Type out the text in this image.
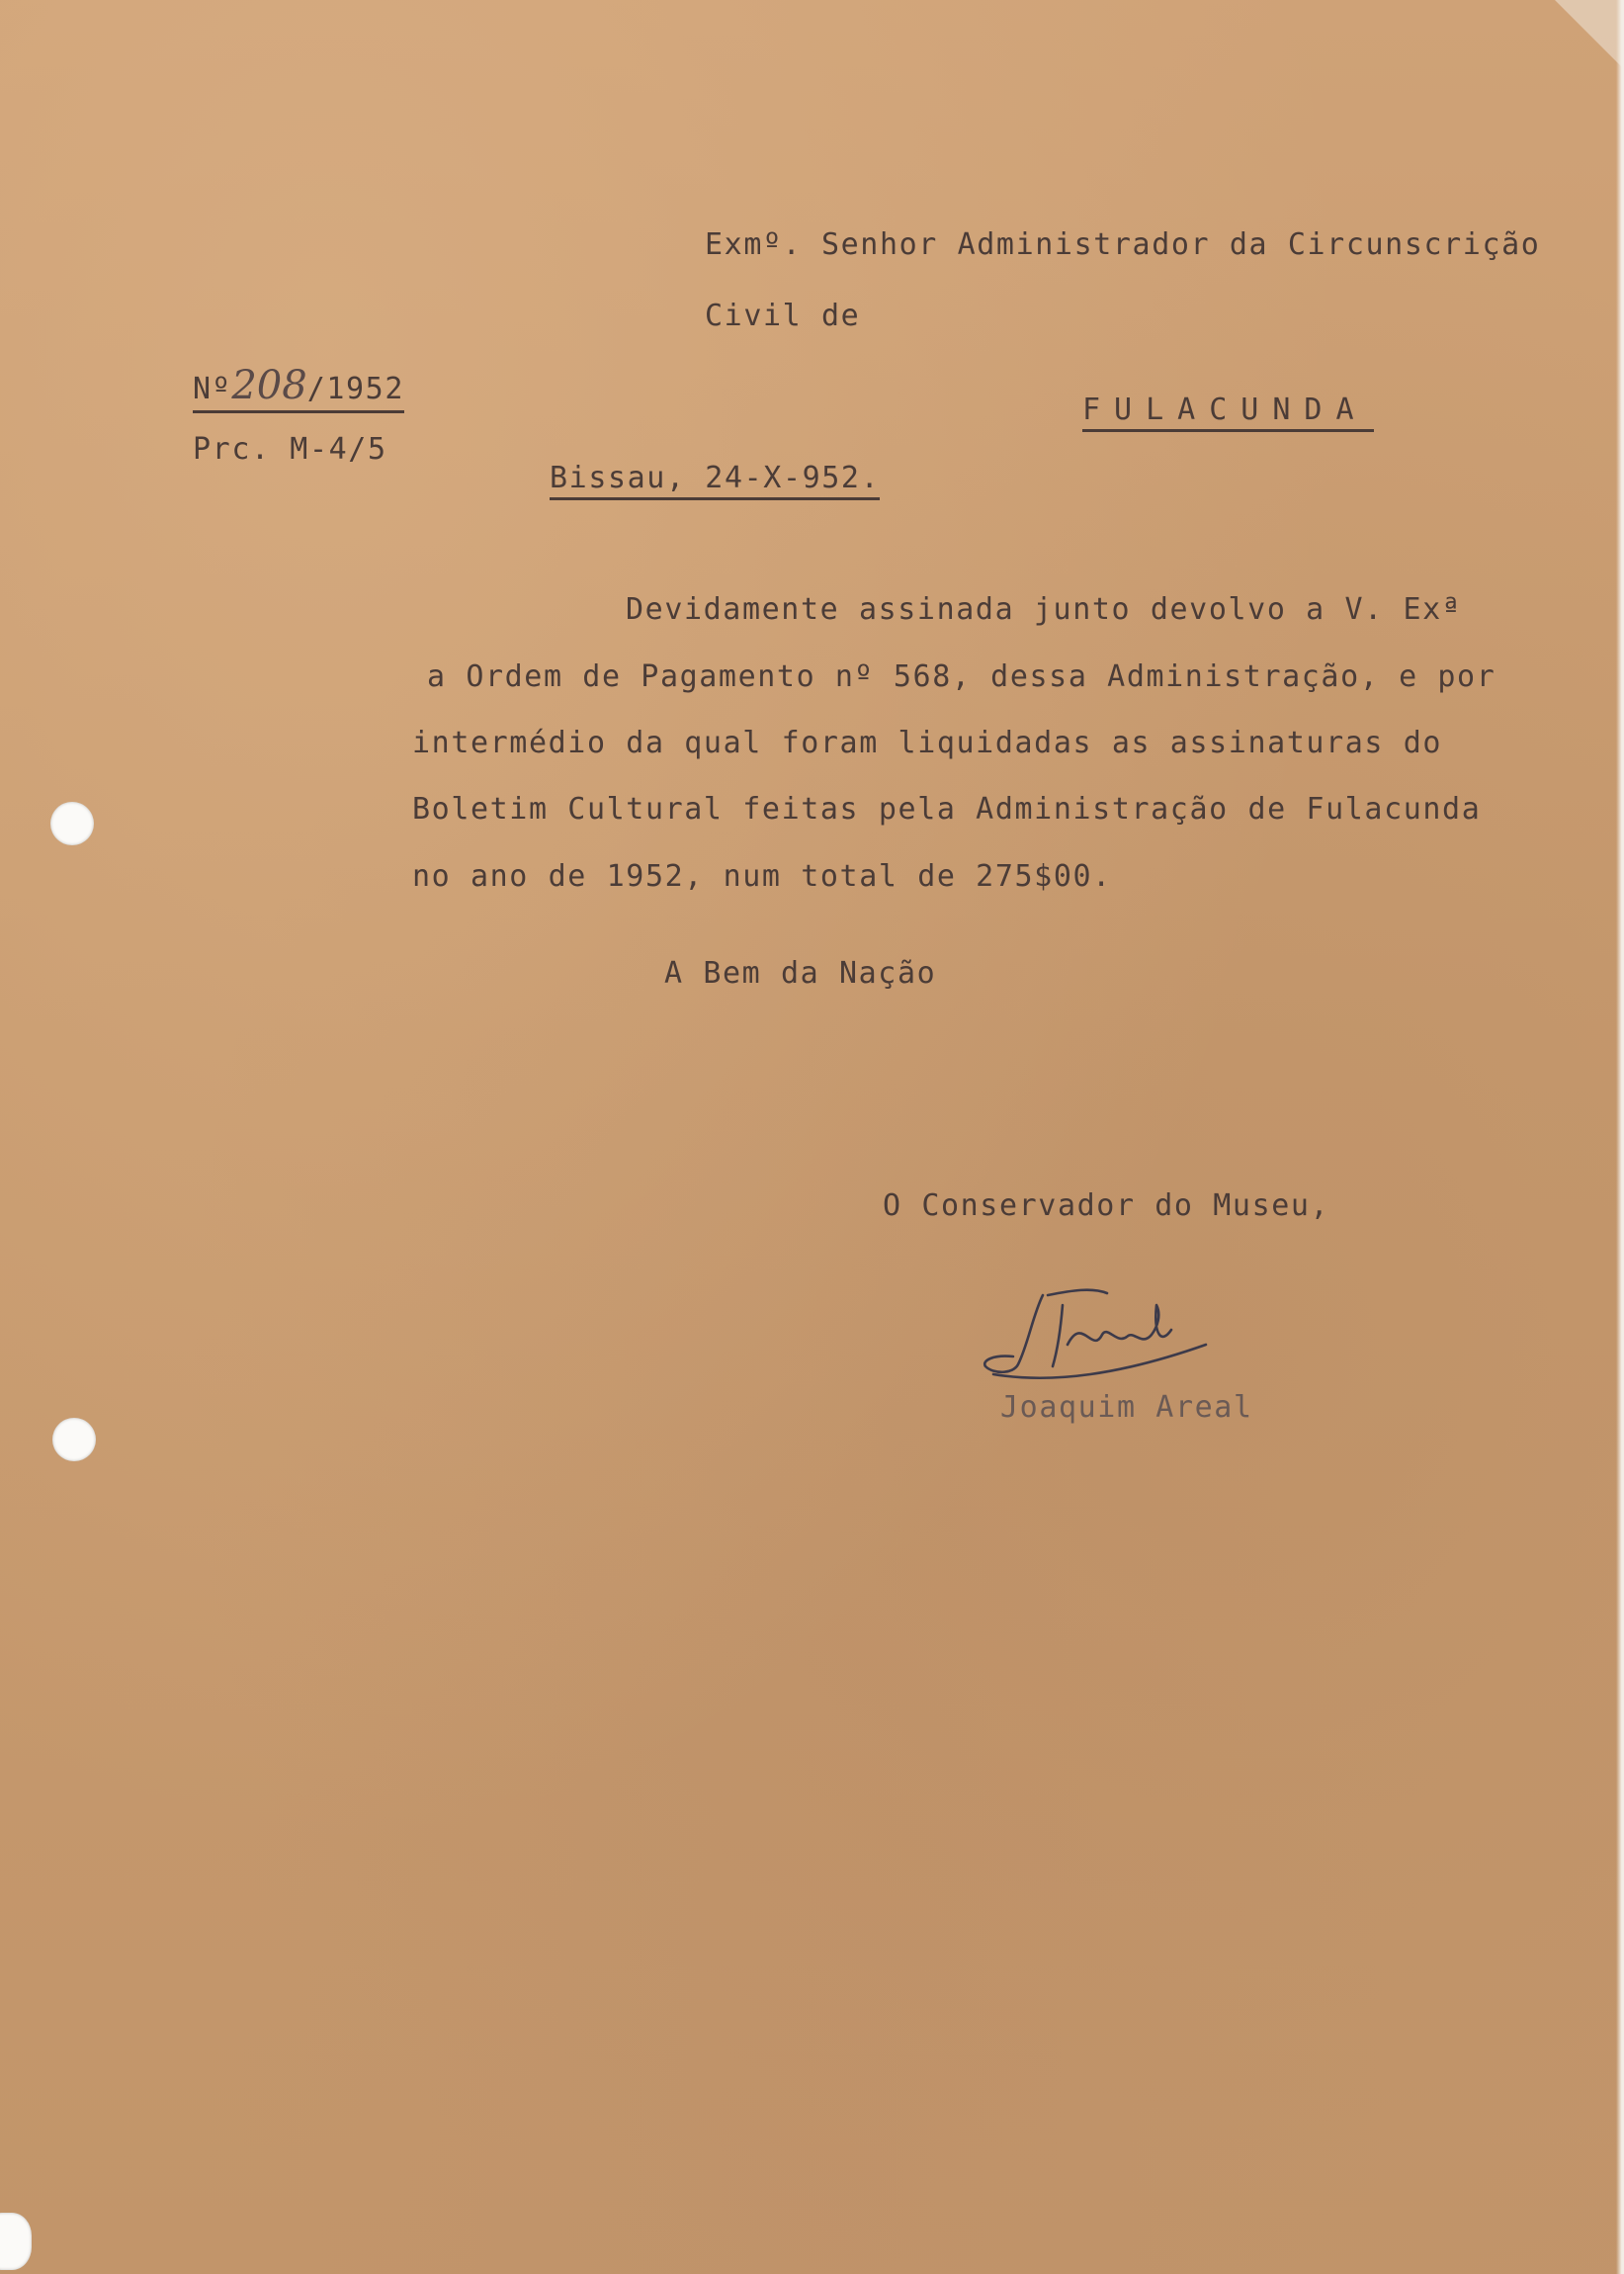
Exmº. Senhor Administrador da Circunscrição
Civil de
FULACUNDA
Nº208/1952
Prc. M-4/5
Bissau, 24-X-952.
Devidamente assinada junto devolvo a V. Exª
a Ordem de Pagamento nº 568, dessa Administração, e por
intermédio da qual foram liquidadas as assinaturas do
Boletim Cultural feitas pela Administração de Fulacunda
no ano de 1952, num total de 275$00.
A Bem da Nação
O Conservador do Museu,
Joaquim Areal
